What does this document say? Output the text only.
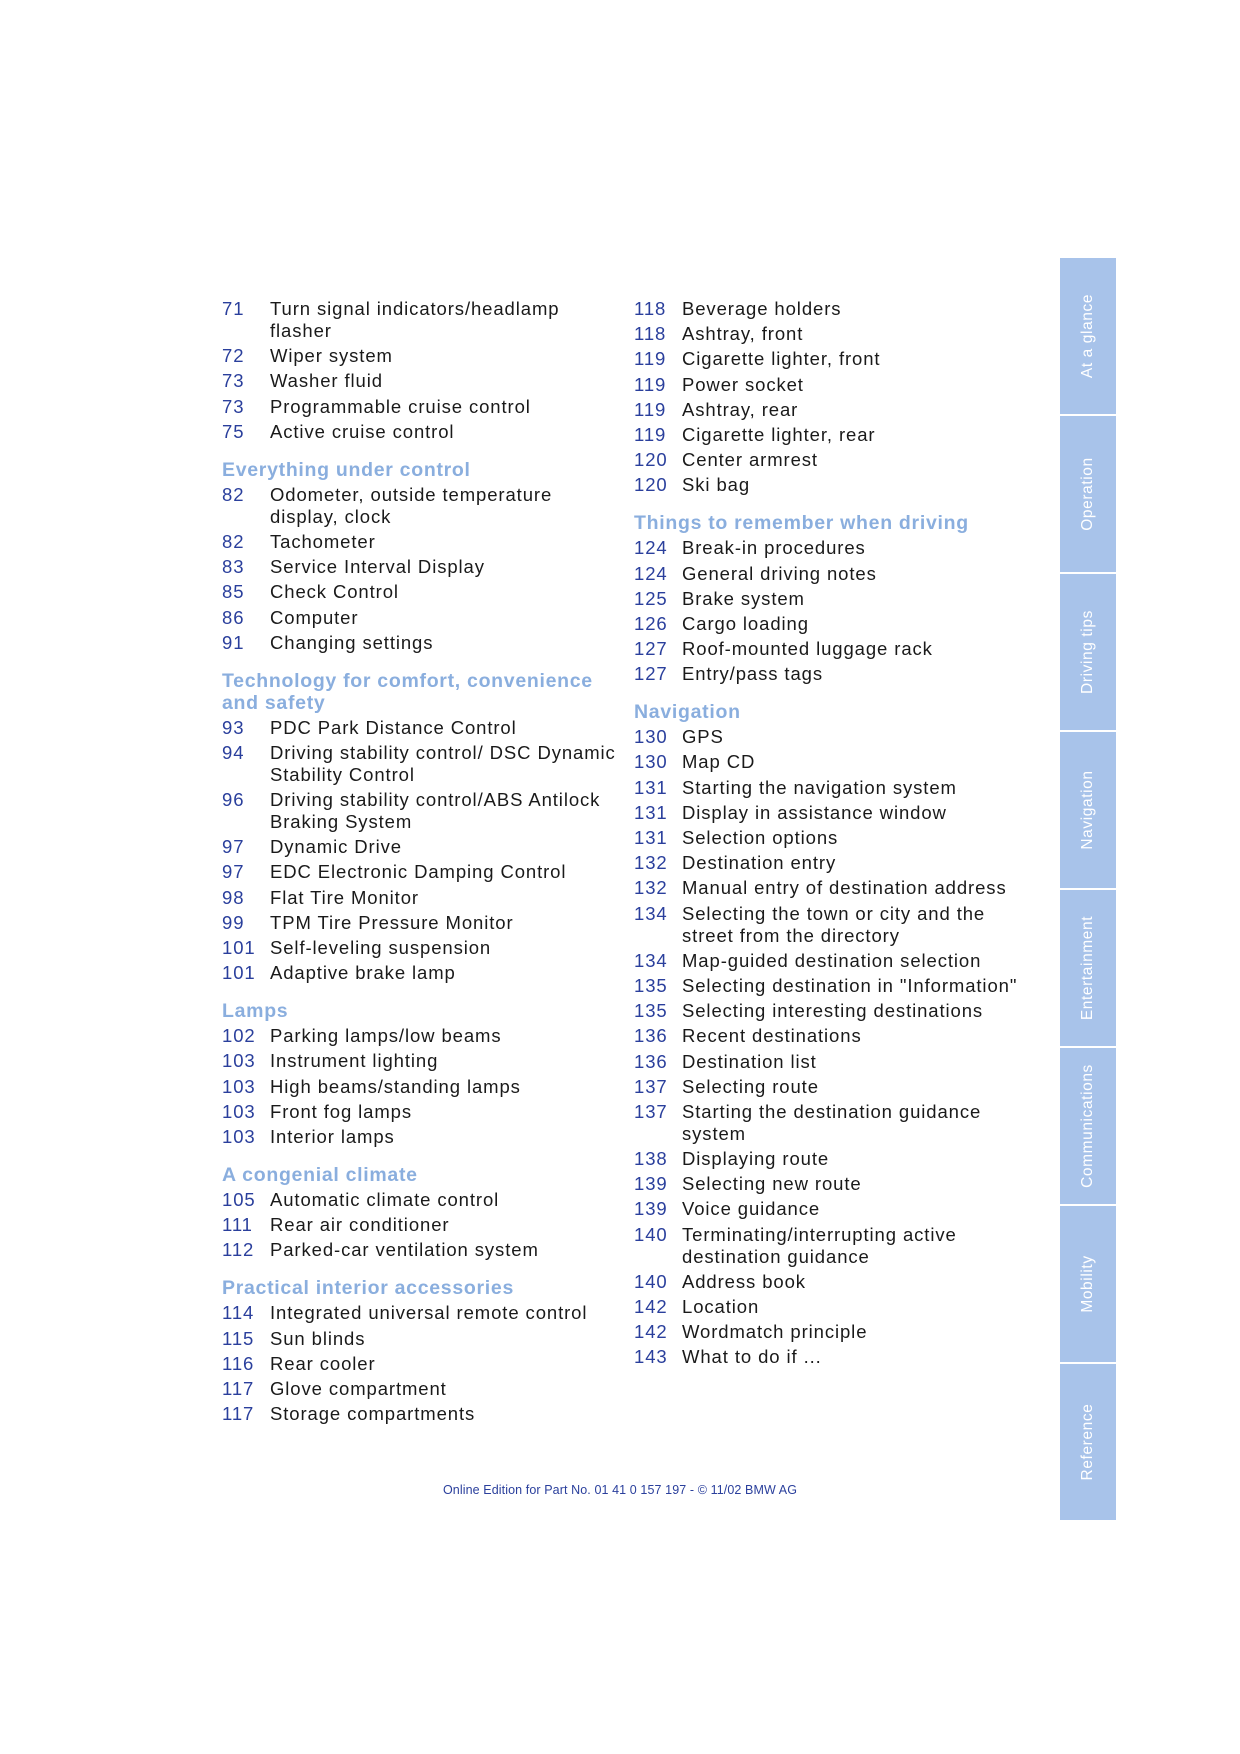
71	Turn signal indicators/headlamp flasher
72	Wiper system
73	Washer fluid
73	Programmable cruise control
75	Active cruise control
Everything under control
82	Odometer, outside temperature display, clock
82	Tachometer
83	Service Interval Display
85	Check Control
86	Computer
91	Changing settings
Technology for comfort, convenience and safety
93	PDC Park Distance Control
94	Driving stability control/ DSC Dynamic Stability Control
96	Driving stability control/ABS Antilock Braking System
97	Dynamic Drive
97	EDC Electronic Damping Control
98	Flat Tire Monitor
99	TPM Tire Pressure Monitor
101 Self-leveling suspension
101 Adaptive brake lamp
Lamps
102 Parking lamps/low beams
103 Instrument lighting
103 High beams/standing lamps
103 Front fog lamps
103 Interior lamps
A congenial climate
105 Automatic climate control
111 Rear air conditioner
112 Parked-car ventilation system
Practical interior accessories
114 Integrated universal remote control
115 Sun blinds
116 Rear cooler
117 Glove compartment
117 Storage compartments
118 Beverage holders
118 Ashtray, front
119 Cigarette lighter, front
119 Power socket
119 Ashtray, rear
119 Cigarette lighter, rear
120 Center armrest
120 Ski bag
Things to remember when driving
124 Break-in procedures
124 General driving notes
125 Brake system
126 Cargo loading
127 Roof-mounted luggage rack
127 Entry/pass tags
Navigation
130 GPS
130 Map CD
131 Starting the navigation system
131 Display in assistance window
131 Selection options
132 Destination entry
132 Manual entry of destination address
134 Selecting the town or city and the street from the directory
134 Map-guided destination selection
135 Selecting destination in "Information"
135 Selecting interesting destinations
136 Recent destinations
136 Destination list
137 Selecting route
137 Starting the destination guidance system
138 Displaying route
139 Selecting new route
139 Voice guidance
140 Terminating/interrupting active destination guidance
140 Address book
142 Location
142 Wordmatch principle
143 What to do if ...
At a glance
Operation
Driving tips
Navigation
Entertainment
Communications
Mobility
Reference
Online Edition for Part No. 01 41 0 157 197 - © 11/02 BMW AG
